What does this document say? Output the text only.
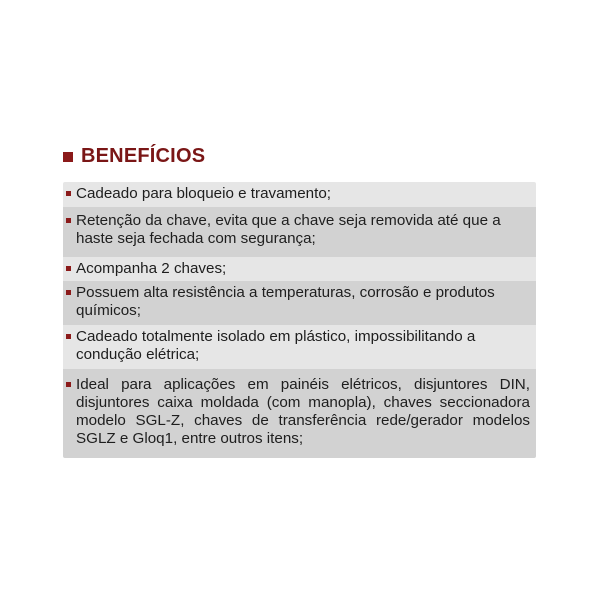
BENEFÍCIOS
Cadeado para bloqueio e travamento;
Retenção da chave, evita que a chave seja removida até que a haste seja fechada com segurança;
Acompanha 2 chaves;
Possuem alta resistência a temperaturas, corrosão e produtos químicos;
Cadeado totalmente isolado em plástico, impossibilitando a condução elétrica;
Ideal para aplicações em painéis elétricos, disjuntores DIN, disjuntores caixa moldada (com manopla), chaves seccionadora modelo SGL-Z, chaves de transferência rede/gerador modelos SGLZ e Gloq1, entre outros itens;
